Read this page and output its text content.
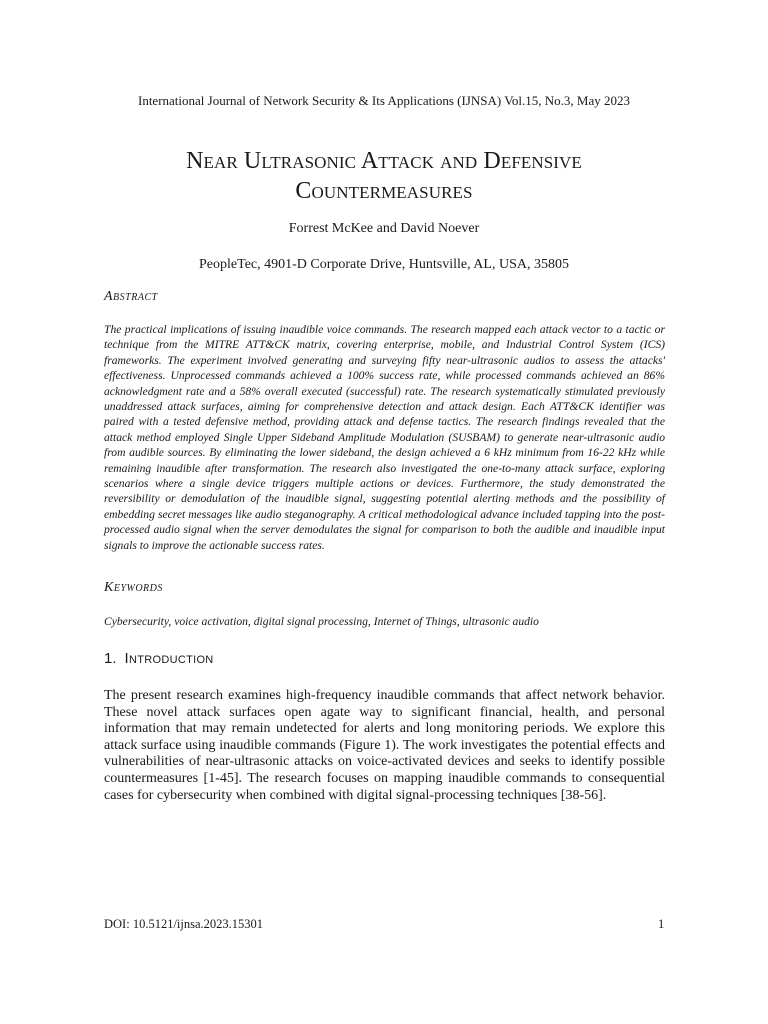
International Journal of Network Security & Its Applications (IJNSA) Vol.15, No.3, May 2023
Near Ultrasonic Attack and Defensive
Countermeasures
Forrest McKee and David Noever
PeopleTec, 4901-D Corporate Drive, Huntsville, AL, USA, 35805
Abstract
The practical implications of issuing inaudible voice commands. The research mapped each attack vector to a tactic or technique from the MITRE ATT&CK matrix, covering enterprise, mobile, and Industrial Control System (ICS) frameworks. The experiment involved generating and surveying fifty near-ultrasonic audios to assess the attacks' effectiveness. Unprocessed commands achieved a 100% success rate, while processed commands achieved an 86% acknowledgment rate and a 58% overall executed (successful) rate. The research systematically stimulated previously unaddressed attack surfaces, aiming for comprehensive detection and attack design. Each ATT&CK identifier was paired with a tested defensive method, providing attack and defense tactics. The research findings revealed that the attack method employed Single Upper Sideband Amplitude Modulation (SUSBAM) to generate near-ultrasonic audio from audible sources. By eliminating the lower sideband, the design achieved a 6 kHz minimum from 16-22 kHz while remaining inaudible after transformation. The research also investigated the one-to-many attack surface, exploring scenarios where a single device triggers multiple actions or devices. Furthermore, the study demonstrated the reversibility or demodulation of the inaudible signal, suggesting potential alerting methods and the possibility of embedding secret messages like audio steganography. A critical methodological advance included tapping into the post-processed audio signal when the server demodulates the signal for comparison to both the audible and inaudible input signals to improve the actionable success rates.
Keywords
Cybersecurity, voice activation, digital signal processing, Internet of Things, ultrasonic audio
1. Introduction
The present research examines high-frequency inaudible commands that affect network behavior. These novel attack surfaces open agate way to significant financial, health, and personal information that may remain undetected for alerts and long monitoring periods. We explore this attack surface using inaudible commands (Figure 1). The work investigates the potential effects and vulnerabilities of near-ultrasonic attacks on voice-activated devices and seeks to identify possible countermeasures [1-45]. The research focuses on mapping inaudible commands to consequential cases for cybersecurity when combined with digital signal-processing techniques [38-56].
DOI: 10.5121/ijnsa.2023.15301	1
